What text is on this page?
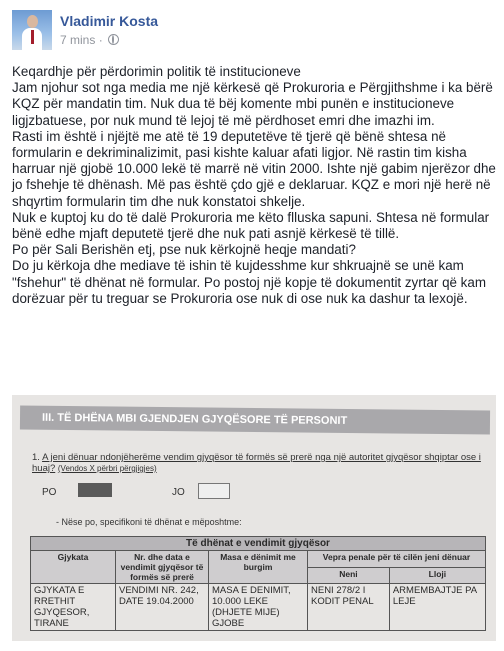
Vladimir Kosta
7 mins ·

Keqardhje për përdorimin politik të institucioneve

Jam njohur sot nga media me një kërkesë që Prokuroria e Përgjithshme i ka bërë KQZ për mandatin tim. Nuk dua të bëj komente mbi punën e institucioneve ligjzbatuese, por nuk mund të lejoj të më përdhoset emri dhe imazhi im.

Rasti im është i njëjtë me atë të 19 deputetëve të tjerë që bënë shtesa në formularin e dekriminalizimit, pasi kishte kaluar afati ligjor. Në rastin tim kisha harruar një gjobë 10.000 lekë të marrë në vitin 2000. Ishte një gabim njerëzor dhe jo fshehje të dhënash. Më pas është çdo gjë e deklaruar. KQZ e mori një herë në shqyrtim formularin tim dhe nuk konstatoi shkelje.

Nuk e kuptoj ku do të dalë Prokuroria me këto flluska sapuni. Shtesa në formular bënë edhe mjaft deputetë tjerë dhe nuk pati asnjë kërkesë të tillë.

Po për Sali Berishën etj, pse nuk kërkojnë heqje mandati?

Do ju kërkoja dhe mediave të ishin të kujdesshme kur shkruajnë se unë kam "fshehur" të dhënat në formular. Po postoj një kopje të dokumentit zyrtar që kam dorëzuar për tu treguar se Prokuroria ose nuk di ose nuk ka dashur ta lexojë.

III. TË DHËNA MBI GJENDJEN GJYQËSORE TË PERSONIT
1. A jeni dënuar ndonjëherëme vendim gjyqësor të formës së prerë nga një autoritet gjyqësor shqiptar ose i huaj? (Vendos X përbri përgjigjes)
PO	JO
- Nëse po, specifikoni të dhënat e mëposhtme:
Të dhënat e vendimit gjyqësor				
Gjykata	Nr. dhe data e vendimit gjyqësor të formës së prerë	Masa e dënimit me burgim	Vepra penale për të cilën jeni dënuar	
			Neni	Lloji
GJYKATA E RRETHIT GJYQESOR, TIRANE	VENDIMI NR. 242, DATE 19.04.2000	MASA E DENIMIT, 10.000 LEKE (DHJETE MIJE) GJOBE	NENI 278/2 I KODIT PENAL	ARMEMBAJTJE PA LEJE
